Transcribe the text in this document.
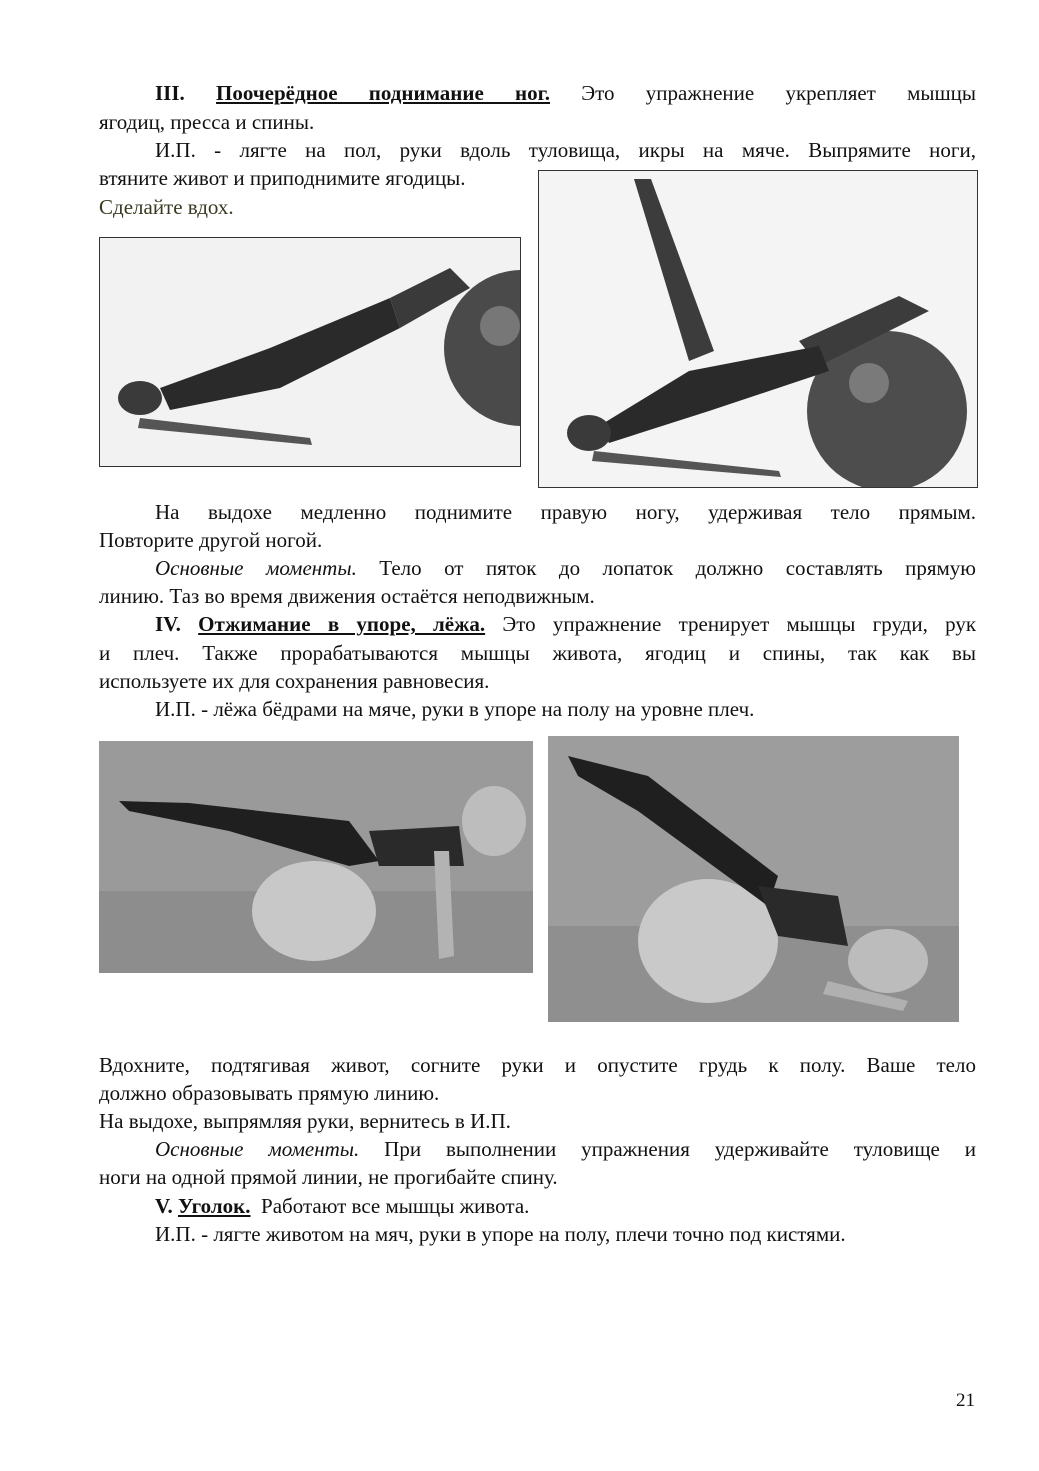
III. Поочерёдное поднимание ног. Это упражнение укрепляет мышцы
ягодиц, пресса и спины.
И.П. - лягте на пол, руки вдоль туловища, икры на мяче. Выпрямите ноги,
втяните живот и приподнимите ягодицы.
Сделайте вдох.
На выдохе медленно поднимите правую ногу, удерживая тело прямым.
Повторите другой ногой.
Основные моменты. Тело от пяток до лопаток должно составлять прямую
линию. Таз во время движения остаётся неподвижным.
IV. Отжимание в упоре, лёжа. Это упражнение тренирует мышцы груди, рук
и плеч. Также прорабатываются мышцы живота, ягодиц и спины, так как вы
используете их для сохранения равновесия.
И.П. - лёжа бёдрами на мяче, руки в упоре на полу на уровне плеч.
Вдохните, подтягивая живот, согните руки и опустите грудь к полу. Ваше тело
должно образовывать прямую линию.
На выдохе, выпрямляя руки, вернитесь в И.П.
Основные моменты. При выполнении упражнения удерживайте туловище и
ноги на одной прямой линии, не прогибайте спину.
V. Уголок. Работают все мышцы живота.
И.П. - лягте животом на мяч, руки в упоре на полу, плечи точно под кистями.
21
